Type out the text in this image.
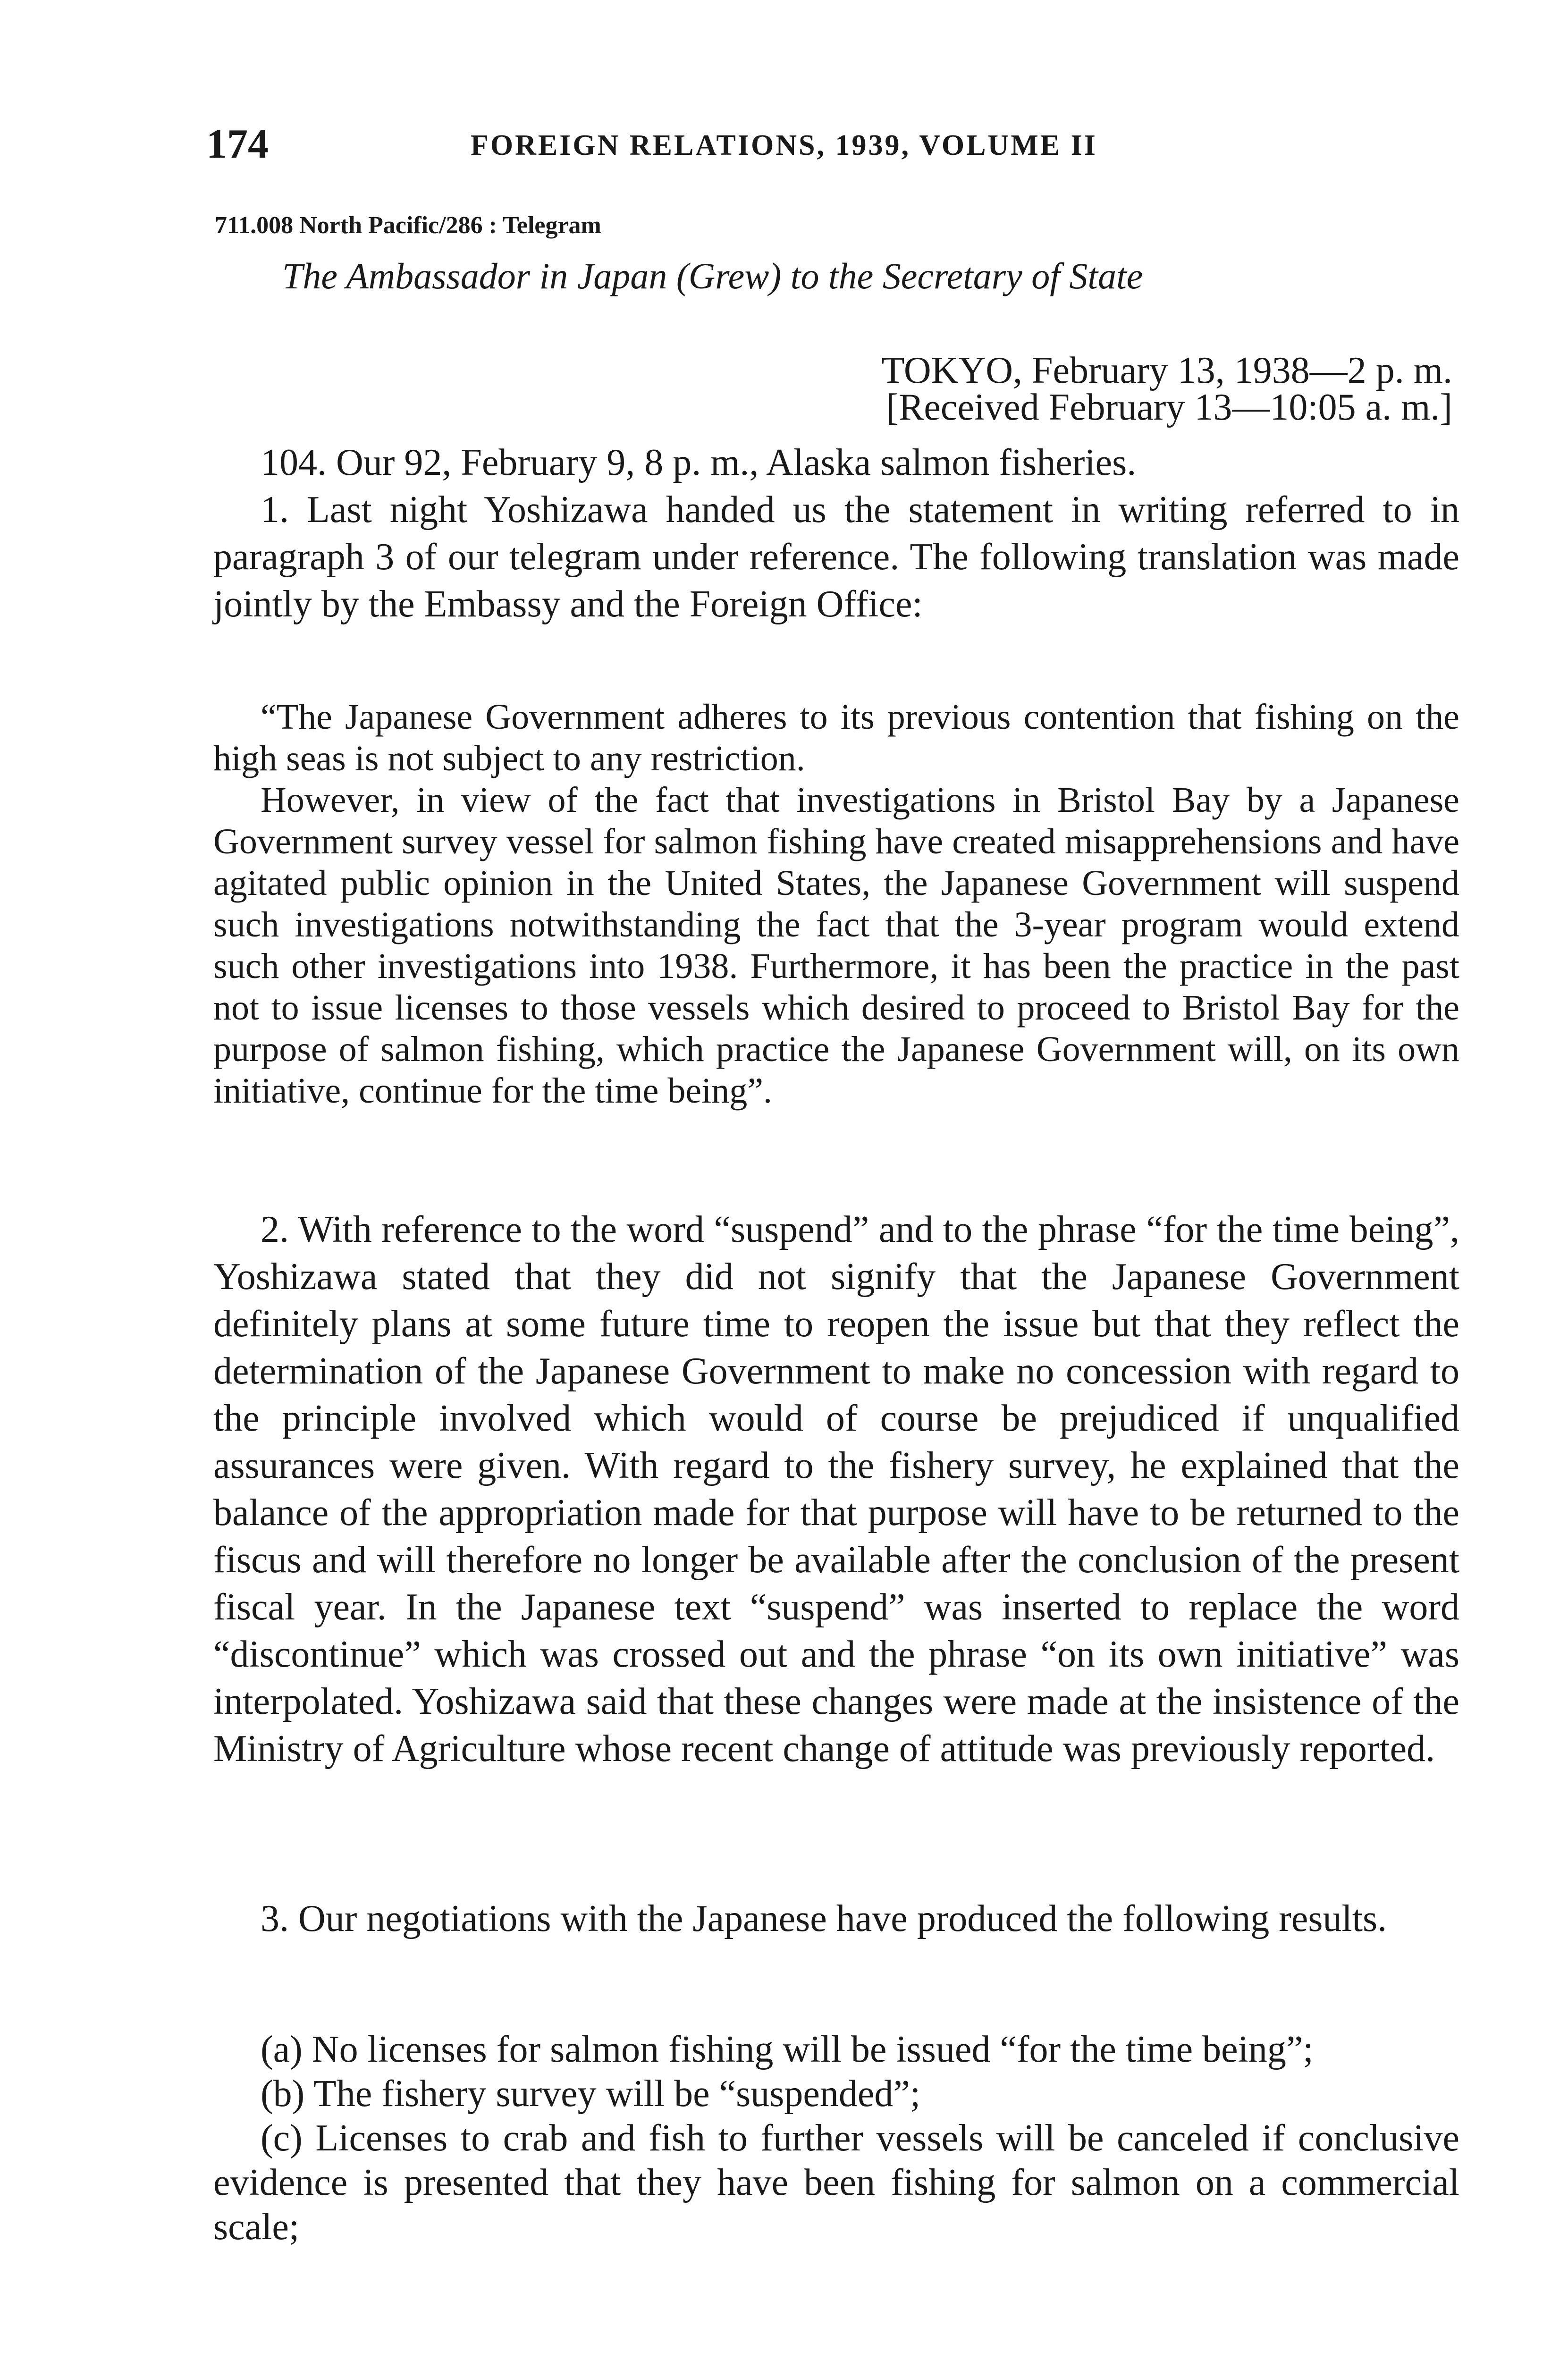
174	FOREIGN RELATIONS, 1939, VOLUME II
711.008 North Pacific/286 : Telegram
The Ambassador in Japan (Grew) to the Secretary of State
TOKYO, February 13, 1938—2 p. m.
[Received February 13—10:05 a. m.]

104. Our 92, February 9, 8 p. m., Alaska salmon fisheries.

1. Last night Yoshizawa handed us the statement in writing referred to in paragraph 3 of our telegram under reference. The following translation was made jointly by the Embassy and the Foreign Office:

“The Japanese Government adheres to its previous contention that fishing on the high seas is not subject to any restriction.

However, in view of the fact that investigations in Bristol Bay by a Japanese Government survey vessel for salmon fishing have created misapprehensions and have agitated public opinion in the United States, the Japanese Government will suspend such investigations notwithstanding the fact that the 3-year program would extend such other investigations into 1938. Furthermore, it has been the practice in the past not to issue licenses to those vessels which desired to proceed to Bristol Bay for the purpose of salmon fishing, which practice the Japanese Government will, on its own initiative, continue for the time being”.

2. With reference to the word “suspend” and to the phrase “for the time being”, Yoshizawa stated that they did not signify that the Japanese Government definitely plans at some future time to reopen the issue but that they reflect the determination of the Japanese Government to make no concession with regard to the principle involved which would of course be prejudiced if unqualified assurances were given. With regard to the fishery survey, he explained that the balance of the appropriation made for that purpose will have to be returned to the fiscus and will therefore no longer be available after the conclusion of the present fiscal year. In the Japanese text “suspend” was inserted to replace the word “discontinue” which was crossed out and the phrase “on its own initiative” was interpolated. Yoshizawa said that these changes were made at the insistence of the Ministry of Agriculture whose recent change of attitude was previously reported.

3. Our negotiations with the Japanese have produced the following results.

(a) No licenses for salmon fishing will be issued “for the time being”;

(b) The fishery survey will be “suspended”;

(c) Licenses to crab and fish to further vessels will be canceled if conclusive evidence is presented that they have been fishing for salmon on a commercial scale;
